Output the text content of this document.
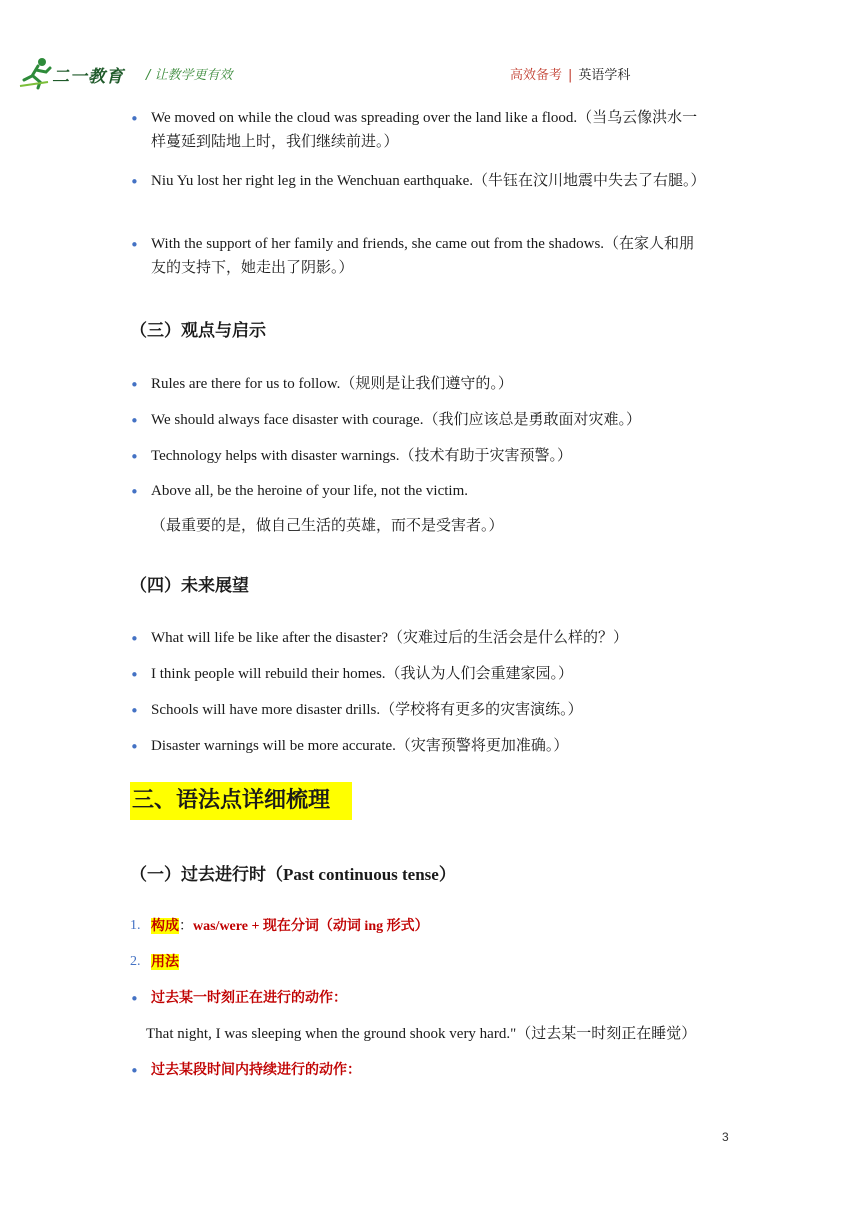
二一教育 / 让教学更有效	高效备考 | 英语学科
• We moved on while the cloud was spreading over the land like a flood.（当乌云像洪水一
样蔓延到陆地上时，我们继续前进。）
• Niu Yu lost her right leg in the Wenchuan earthquake.（牛钰在汶川地震中失去了右腿。）
• With the support of her family and friends, she came out from the shadows.（在家人和朋
友的支持下，她走出了阴影。）
（三）观点与启示
• Rules are there for us to follow.（规则是让我们遵守的。）
• We should always face disaster with courage.（我们应该总是勇敢面对灾难。）
• Technology helps with disaster warnings.（技术有助于灾害预警。）
• Above all, be the heroine of your life, not the victim.
（最重要的是，做自己生活的英雄，而不是受害者。）
（四）未来展望
• What will life be like after the disaster?（灾难过后的生活会是什么样的？）
• I think people will rebuild their homes.（我认为人们会重建家园。）
• Schools will have more disaster drills.（学校将有更多的灾害演练。）
• Disaster warnings will be more accurate.（灾害预警将更加准确。）
三、语法点详细梳理
（一）过去进行时（Past continuous tense）
1. 构成：was/were + 现在分词（动词 ing 形式）
2. 用法
• 过去某一时刻正在进行的动作：
That night, I was sleeping when the ground shook very hard."（过去某一时刻正在睡觉）
• 过去某段时间内持续进行的动作：
3
